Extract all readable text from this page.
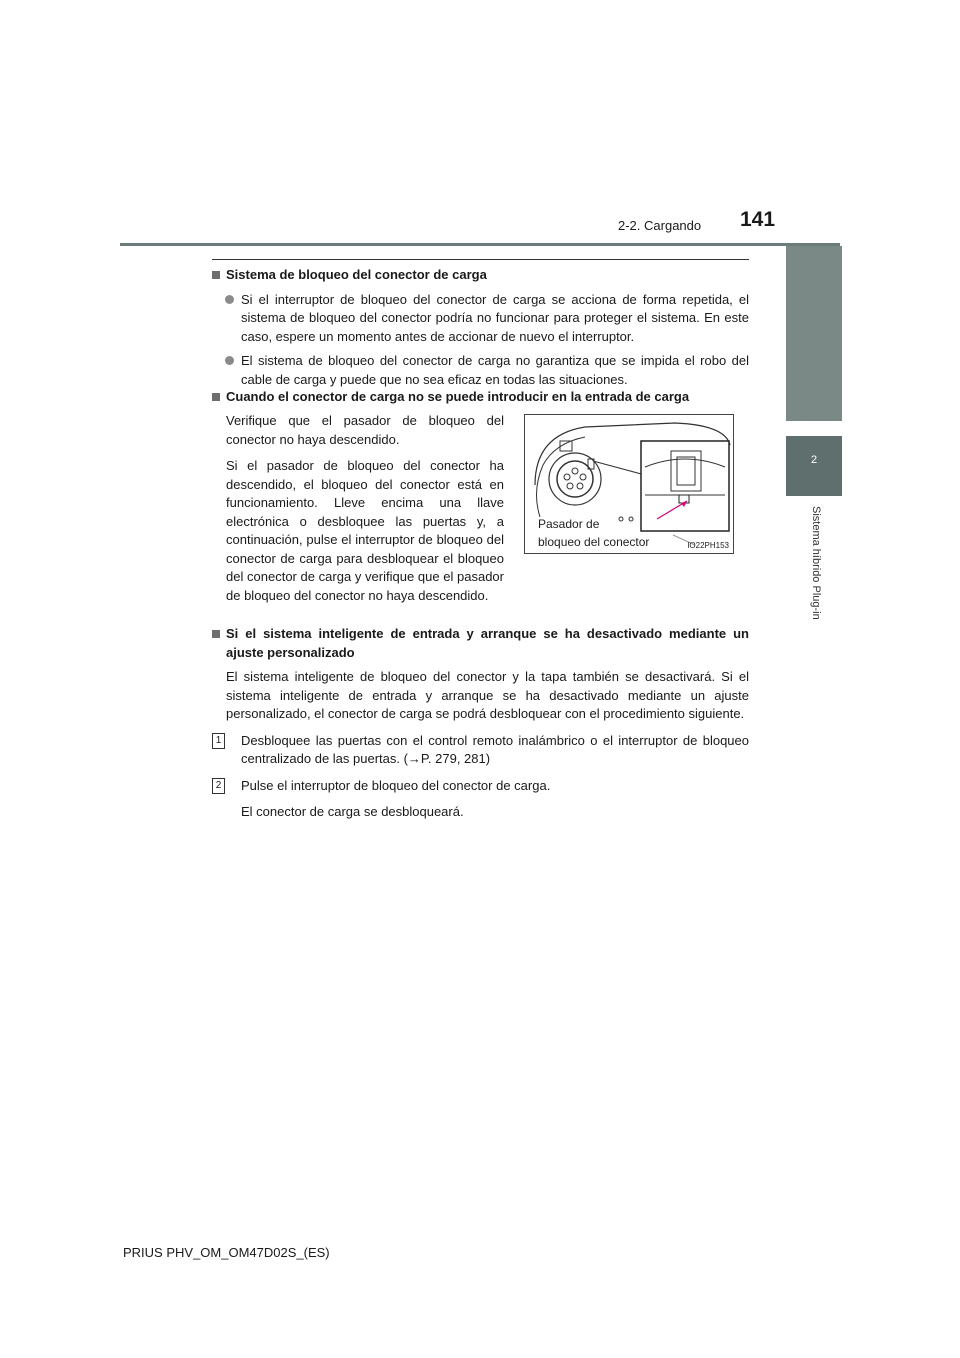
2-2. Cargando 141
2
Sistema híbrido Plug-in
Sistema de bloqueo del conector de carga
Si el interruptor de bloqueo del conector de carga se acciona de forma repetida, el sistema de bloqueo del conector podría no funcionar para proteger el sistema. En este caso, espere un momento antes de accionar de nuevo el interruptor.
El sistema de bloqueo del conector de carga no garantiza que se impida el robo del cable de carga y puede que no sea eficaz en todas las situaciones.
Cuando el conector de carga no se puede introducir en la entrada de carga
Verifique que el pasador de bloqueo del conector no haya descendido.
Si el pasador de bloqueo del conector ha descendido, el bloqueo del conector está en funcionamiento. Lleve encima una llave electrónica o desbloquee las puertas y, a continuación, pulse el interruptor de bloqueo del conector de carga para desbloquear el bloqueo del conector de carga y verifique que el pasador de bloqueo del conector no haya descendido.
Pasador de
bloqueo del conector	IO22PH153
Si el sistema inteligente de entrada y arranque se ha desactivado mediante un ajuste personalizado
El sistema inteligente de bloqueo del conector y la tapa también se desactivará. Si el sistema inteligente de entrada y arranque se ha desactivado mediante un ajuste personalizado, el conector de carga se podrá desbloquear con el procedimiento siguiente.
1 Desbloquee las puertas con el control remoto inalámbrico o el interruptor de bloqueo centralizado de las puertas. (→P. 279, 281)
2 Pulse el interruptor de bloqueo del conector de carga.
El conector de carga se desbloqueará.
PRIUS PHV_OM_OM47D02S_(ES)
